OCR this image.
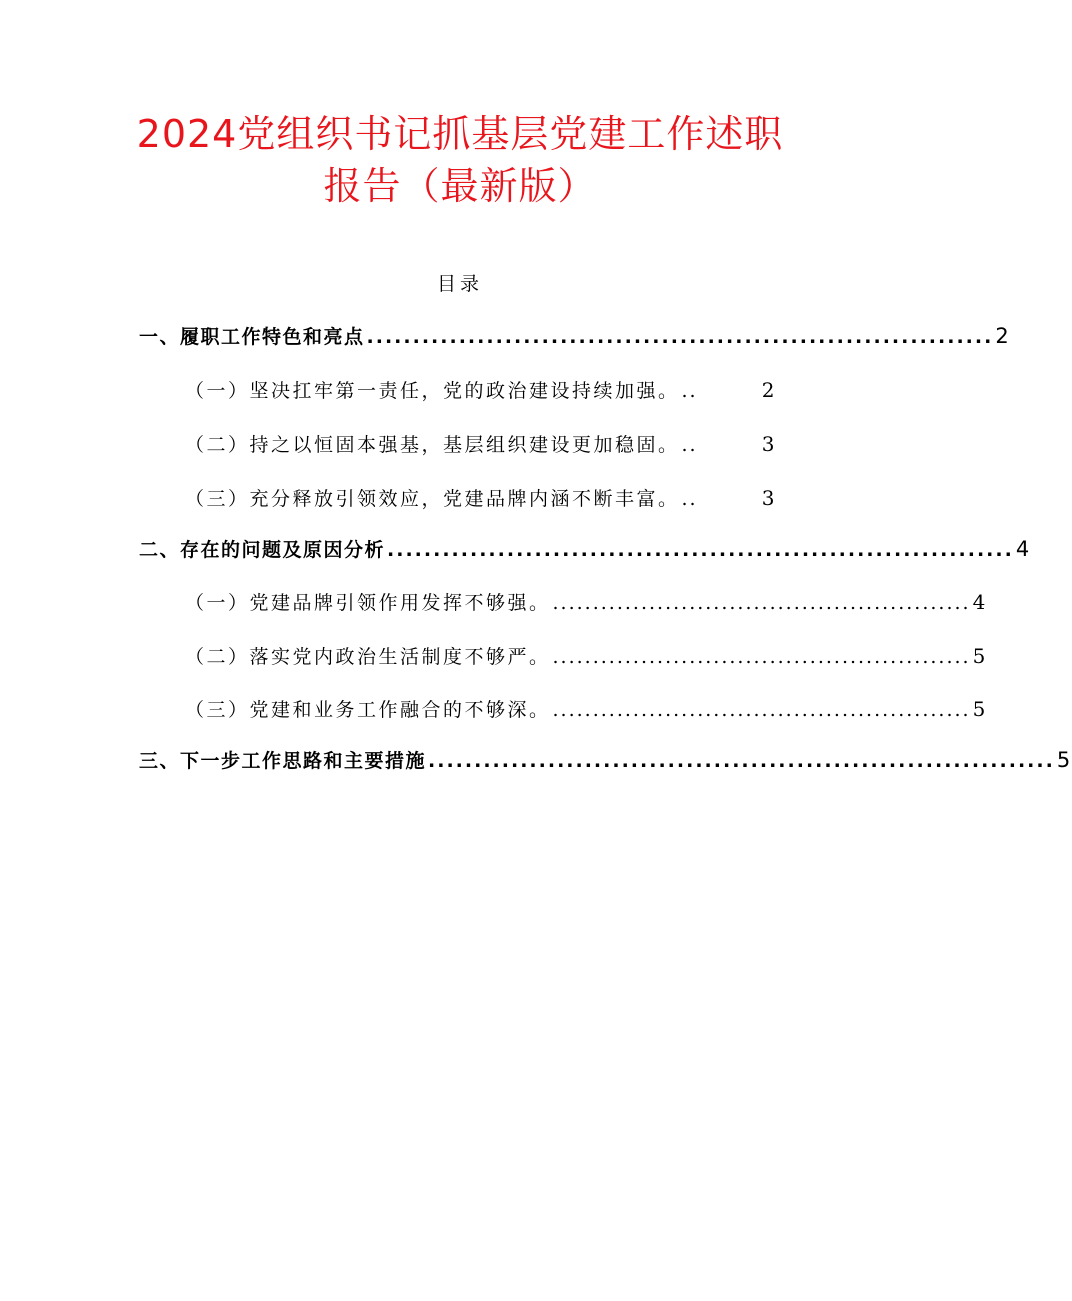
2024党组织书记抓基层党建工作述职报告（最新版）
目录
一、履职工作特色和亮点 .................................................................... 2
（一）坚决扛牢第一责任，党的政治建设持续加强。 ..	2
（二）持之以恒固本强基，基层组织建设更加稳固。 ..	3
（三）充分释放引领效应，党建品牌内涵不断丰富。 ..	3
二、存在的问题及原因分析 .................................................................... 4
（一）党建品牌引领作用发挥不够强。 .................................................... 4
（二）落实党内政治生活制度不够严。 .................................................... 5
（三）党建和业务工作融合的不够深。 .................................................... 5
三、下一步工作思路和主要措施 .................................................................... 5
